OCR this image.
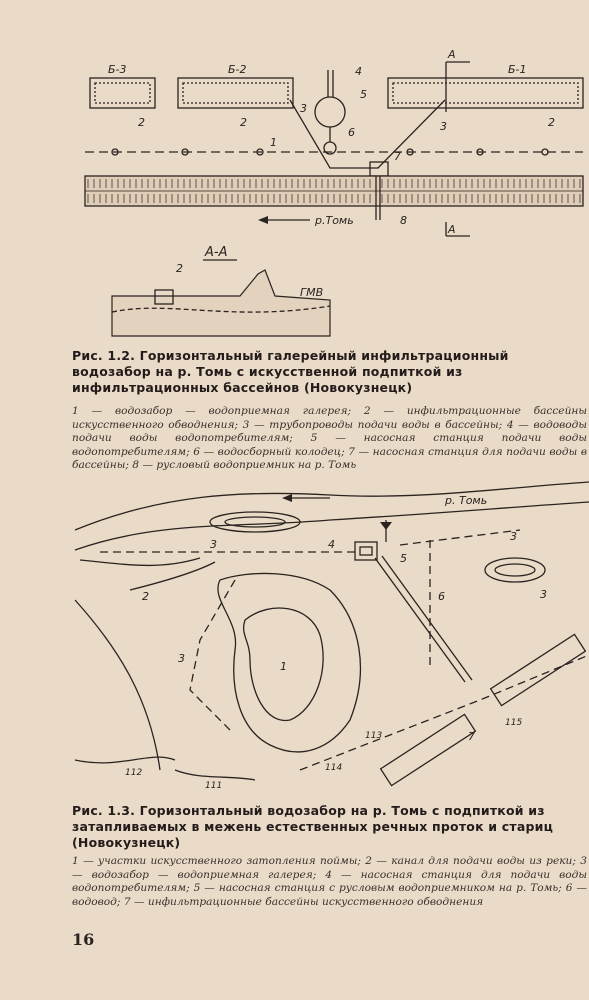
р.Томь
А
А
Б-3	Б-2	Б-1
1
2	2	2
3
3
4
5
6
7
8
А-А
2
ГМВ
Рис. 1.2. Горизонтальный галерейный инфильтрационный водозабор на р. Томь с искусственной подпиткой из инфильтрационных бассейнов (Новокузнецк)
1 — водозабор — водоприемная галерея; 2 — инфильтрационные бассейны искусственного обводнения; 3 — трубопроводы подачи воды в бассейны; 4 — водоводы подачи воды водопотребителям; 5 — насосная станция подачи воды водопотребителям; 6 — водосборный колодец; 7 — насосная станция для подачи воды в бассейны; 8 — русловый водоприемник на р. Томь
р. Томь
1
2
3
3
3
3
4
5
6
7
112
111
114
113
115
Рис. 1.3. Горизонтальный водозабор на р. Томь с подпиткой из затапливаемых в межень естественных речных проток и стариц (Новокузнецк)
1 — участки искусственного затопления поймы; 2 — канал для подачи воды из реки; 3 — водозабор — водоприемная галерея; 4 — насосная станция для подачи воды водопотребителям; 5 — насосная станция с русловым водоприемником на р. Томь; 6 — водовод; 7 — инфильтрационные бассейны искусственного обводнения
16
